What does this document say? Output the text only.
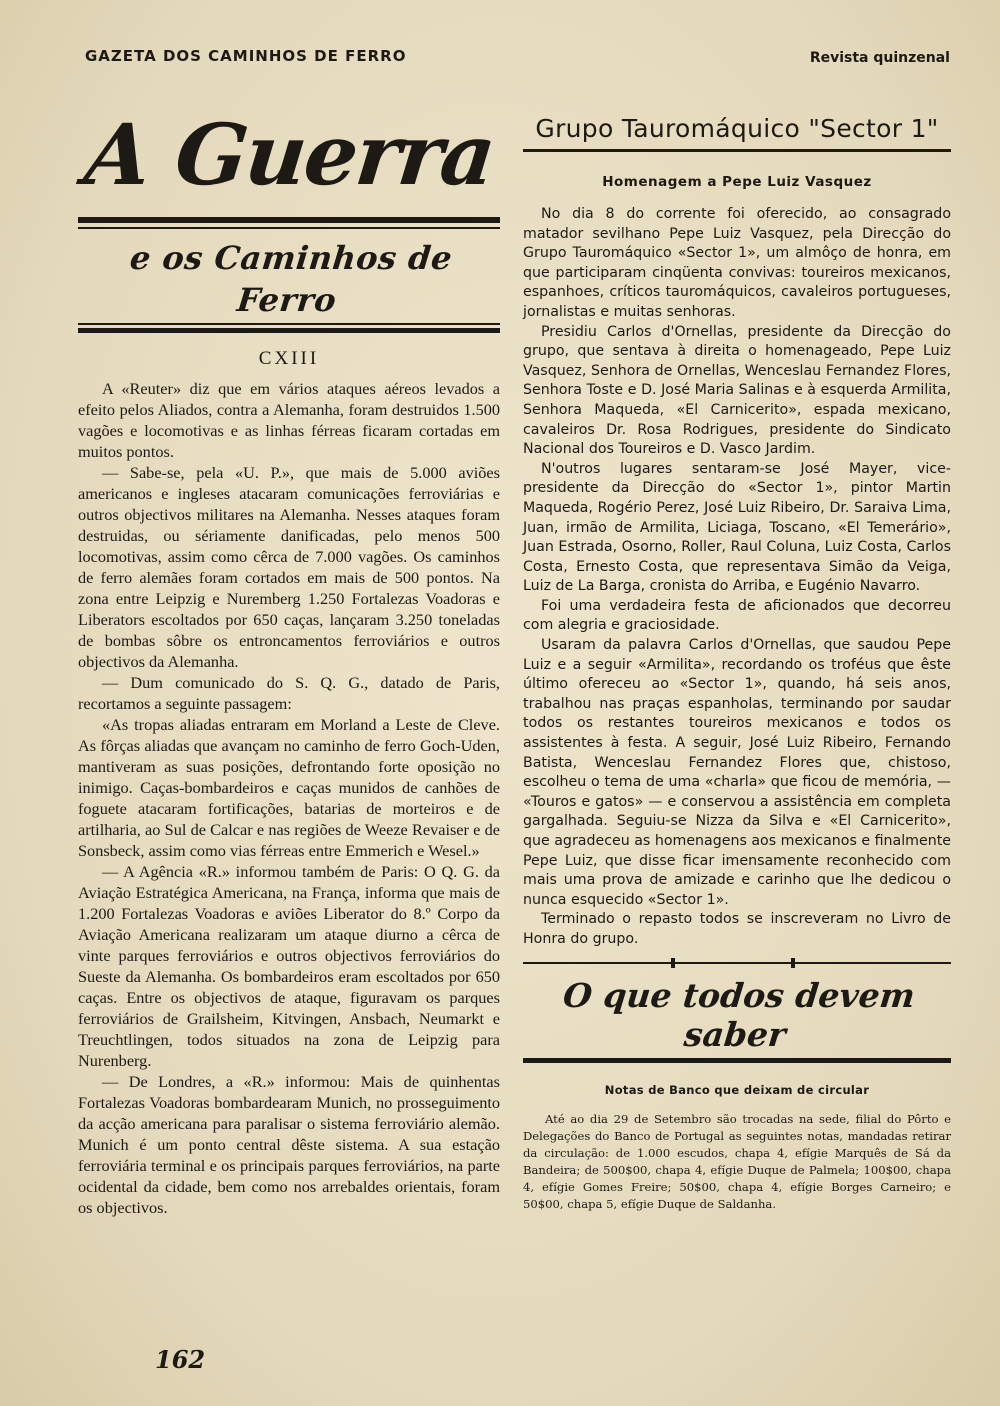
GAZETA DOS CAMINHOS DE FERRO	Revista quinzenal
A Guerra
e os Caminhos de Ferro
CXIII

A «Reuter» diz que em vários ataques aéreos levados a efeito pelos Aliados, contra a Alemanha, foram destruidos 1.500 vagões e locomotivas e as linhas férreas ficaram cortadas em muitos pontos.

— Sabe-se, pela «U. P.», que mais de 5.000 aviões americanos e ingleses atacaram comunicações ferroviárias e outros objectivos militares na Alemanha. Nesses ataques foram destruidas, ou sériamente danificadas, pelo menos 500 locomotivas, assim como cêrca de 7.000 vagões. Os caminhos de ferro alemães foram cortados em mais de 500 pontos. Na zona entre Leipzig e Nuremberg 1.250 Fortalezas Voadoras e Liberators escoltados por 650 caças, lançaram 3.250 toneladas de bombas sôbre os entroncamentos ferroviários e outros objectivos da Alemanha.

— Dum comunicado do S. Q. G., datado de Paris, recortamos a seguinte passagem:

«As tropas aliadas entraram em Morland a Leste de Cleve. As fôrças aliadas que avançam no caminho de ferro Goch-Uden, mantiveram as suas posições, defrontando forte oposição no inimigo. Caças-bombardeiros e caças munidos de canhões de foguete atacaram fortificações, batarias de morteiros e de artilharia, ao Sul de Calcar e nas regiões de Weeze Revaiser e de Sonsbeck, assim como vias férreas entre Emmerich e Wesel.»

— A Agência «R.» informou também de Paris: O Q. G. da Aviação Estratégica Americana, na França, informa que mais de 1.200 Fortalezas Voadoras e aviões Liberator do 8.º Corpo da Aviação Americana realizaram um ataque diurno a cêrca de vinte parques ferroviários e outros objectivos ferroviários do Sueste da Alemanha. Os bombardeiros eram escoltados por 650 caças. Entre os objectivos de ataque, figuravam os parques ferroviários de Grailsheim, Kitvingen, Ansbach, Neumarkt e Treuchtlingen, todos situados na zona de Leipzig para Nurenberg.

— De Londres, a «R.» informou: Mais de quinhentas Fortalezas Voadoras bombardearam Munich, no prosseguimento da acção americana para paralisar o sistema ferroviário alemão. Munich é um ponto central dêste sistema. A sua estação ferroviária terminal e os principais parques ferroviários, na parte ocidental da cidade, bem como nos arrebaldes orientais, foram os objectivos.

Grupo Tauromáquico "Sector 1"
Homenagem a Pepe Luiz Vasquez

No dia 8 do corrente foi oferecido, ao consagrado matador sevilhano Pepe Luiz Vasquez, pela Direcção do Grupo Tauromáquico «Sector 1», um almôço de honra, em que participaram cinqüenta convivas: toureiros mexicanos, espanhoes, críticos tauromáquicos, cavaleiros portugueses, jornalistas e muitas senhoras.

Presidiu Carlos d'Ornellas, presidente da Direcção do grupo, que sentava à direita o homenageado, Pepe Luiz Vasquez, Senhora de Ornellas, Wenceslau Fernandez Flores, Senhora Toste e D. José Maria Salinas e à esquerda Armilita, Senhora Maqueda, «El Carnicerito», espada mexicano, cavaleiros Dr. Rosa Rodrigues, presidente do Sindicato Nacional dos Toureiros e D. Vasco Jardim.

N'outros lugares sentaram-se José Mayer, vice-presidente da Direcção do «Sector 1», pintor Martin Maqueda, Rogério Perez, José Luiz Ribeiro, Dr. Saraiva Lima, Juan, irmão de Armilita, Liciaga, Toscano, «El Temerário», Juan Estrada, Osorno, Roller, Raul Coluna, Luiz Costa, Carlos Costa, Ernesto Costa, que representava Simão da Veiga, Luiz de La Barga, cronista do Arriba, e Eugénio Navarro.

Foi uma verdadeira festa de aficionados que decorreu com alegria e graciosidade.

Usaram da palavra Carlos d'Ornellas, que saudou Pepe Luiz e a seguir «Armilita», recordando os troféus que êste último ofereceu ao «Sector 1», quando, há seis anos, trabalhou nas praças espanholas, terminando por saudar todos os restantes toureiros mexicanos e todos os assistentes à festa. A seguir, José Luiz Ribeiro, Fernando Batista, Wenceslau Fernandez Flores que, chistoso, escolheu o tema de uma «charla» que ficou de memória, — «Touros e gatos» — e conservou a assistência em completa gargalhada. Seguiu-se Nizza da Silva e «El Carnicerito», que agradeceu as homenagens aos mexicanos e finalmente Pepe Luiz, que disse ficar imensamente reconhecido com mais uma prova de amizade e carinho que lhe dedicou o nunca esquecido «Sector 1».

Terminado o repasto todos se inscreveram no Livro de Honra do grupo.

O que todos devem saber
Notas de Banco que deixam de circular

Até ao dia 29 de Setembro são trocadas na sede, filial do Pôrto e Delegações do Banco de Portugal as seguintes notas, mandadas retirar da circulação: de 1.000 escudos, chapa 4, efígie Marquês de Sá da Bandeira; de 500$00, chapa 4, efígie Duque de Palmela; 100$00, chapa 4, efígie Gomes Freire; 50$00, chapa 4, efígie Borges Carneiro; e 50$00, chapa 5, efígie Duque de Saldanha.

162
